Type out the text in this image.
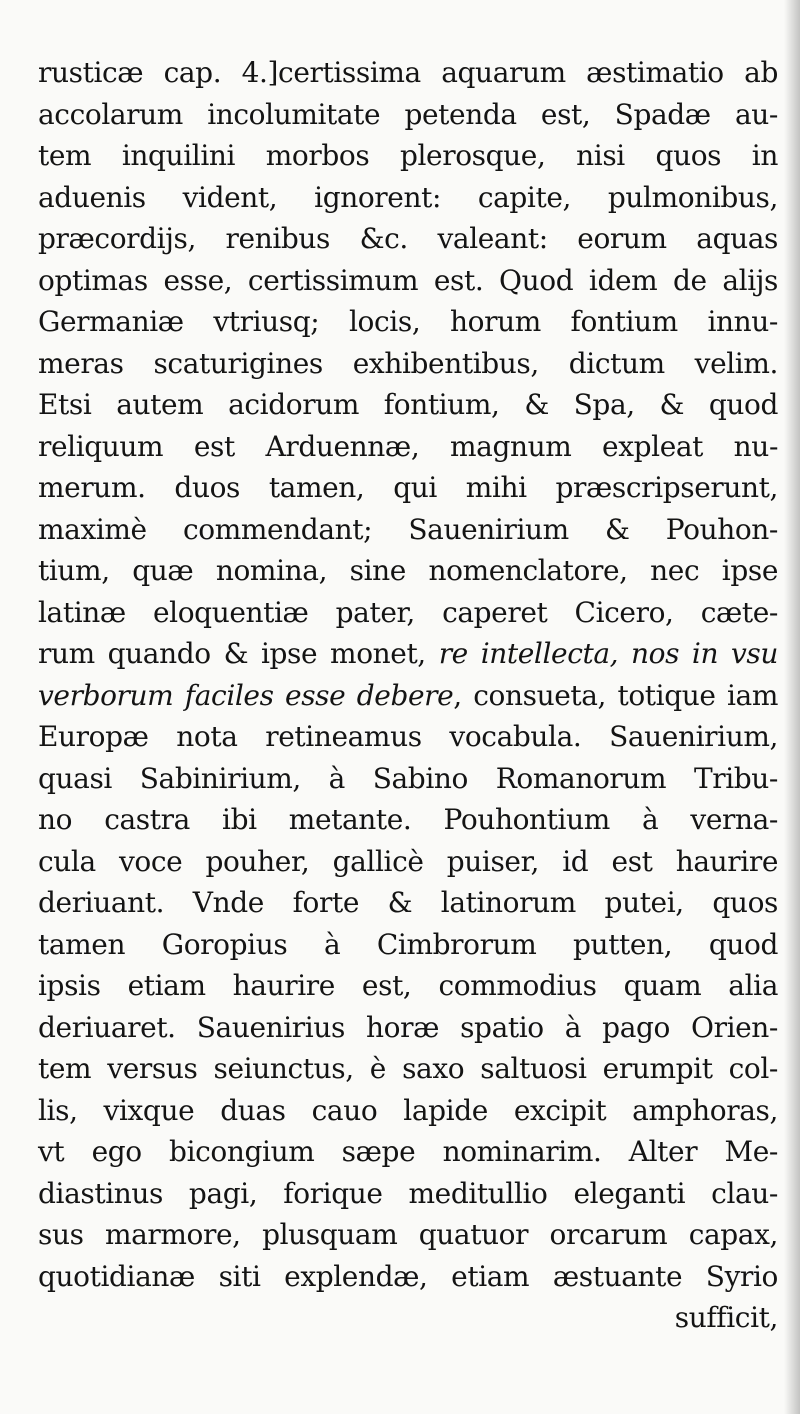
rusticæ cap. 4.]certissima aquarum æstimatio ab
accolarum incolumitate petenda est, Spadæ au-
tem inquilini morbos plerosque, nisi quos in
aduenis vident, ignorent: capite, pulmonibus,
præcordijs, renibus &c. valeant: eorum aquas
optimas esse, certissimum est. Quod idem de alijs
Germaniæ vtriusq; locis, horum fontium innu-
meras scaturigines exhibentibus, dictum velim.
Etsi autem acidorum fontium, & Spa, & quod
reliquum est Arduennæ, magnum expleat nu-
merum. duos tamen, qui mihi præscripserunt,
maximè commendant; Sauenirium & Pouhon-
tium, quæ nomina, sine nomenclatore, nec ipse
latinæ eloquentiæ pater, caperet Cicero, cæte-
rum quando & ipse monet, re intellecta, nos in vsu
verborum faciles esse debere, consueta, totique iam
Europæ nota retineamus vocabula. Sauenirium,
quasi Sabinirium, à Sabino Romanorum Tribu-
no castra ibi metante. Pouhontium à verna-
cula voce pouher, gallicè puiser, id est haurire
deriuant. Vnde forte & latinorum putei, quos
tamen Goropius à Cimbrorum putten, quod
ipsis etiam haurire est, commodius quam alia
deriuaret. Sauenirius horæ spatio à pago Orien-
tem versus seiunctus, è saxo saltuosi erumpit col-
lis, vixque duas cauo lapide excipit amphoras,
vt ego bicongium sæpe nominarim. Alter Me-
diastinus pagi, forique meditullio eleganti clau-
sus marmore, plusquam quatuor orcarum capax,
quotidianæ siti explendæ, etiam æstuante Syrio
sufficit,
